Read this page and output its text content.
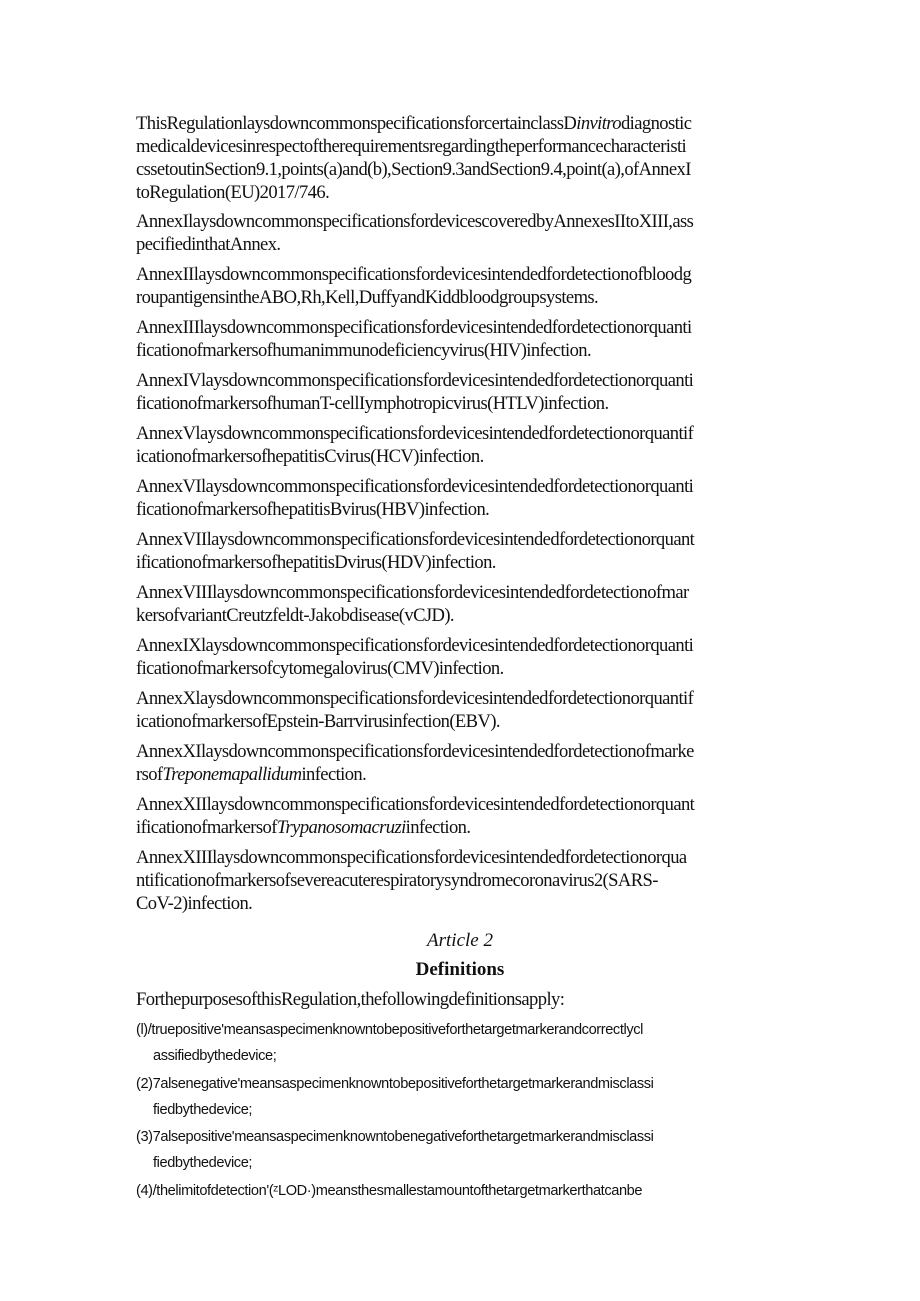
ThisRegulationlaysdowncommonspecificationsforcertainclassDinvitrodiagnostic
medicaldevicesinrespectoftherequirementsregardingtheperformancecharacteristi
cssetoutinSection9.1,points(a)and(b),Section9.3andSection9.4,point(a),ofAnnexI
toRegulation(EU)2017/746.
AnnexIlaysdowncommonspecificationsfordevicescoveredbyAnnexesIItoXIII,ass
pecifiedinthatAnnex.
AnnexIIlaysdowncommonspecificationsfordevicesintendedfordetectionofbloodg
roupantigensintheABO,Rh,Kell,DuffyandKiddbloodgroupsystems.
AnnexIIIlaysdowncommonspecificationsfordevicesintendedfordetectionorquanti
ficationofmarkersofhumanimmunodeficiencyvirus(HIV)infection.
AnnexIVlaysdowncommonspecificationsfordevicesintendedfordetectionorquanti
ficationofmarkersofhumanT-cellIymphotropicvirus(HTLV)infection.
AnnexVlaysdowncommonspecificationsfordevicesintendedfordetectionorquantif
icationofmarkersofhepatitisCvirus(HCV)infection.
AnnexVIlaysdowncommonspecificationsfordevicesintendedfordetectionorquanti
ficationofmarkersofhepatitisBvirus(HBV)infection.
AnnexVIIlaysdowncommonspecificationsfordevicesintendedfordetectionorquant
ificationofmarkersofhepatitisDvirus(HDV)infection.
AnnexVIIIlaysdowncommonspecificationsfordevicesintendedfordetectionofmar
kersofvariantCreutzfeldt-Jakobdisease(vCJD).
AnnexIXlaysdowncommonspecificationsfordevicesintendedfordetectionorquanti
ficationofmarkersofcytomegalovirus(CMV)infection.
AnnexXlaysdowncommonspecificationsfordevicesintendedfordetectionorquantif
icationofmarkersofEpstein-Barrvirusinfection(EBV).
AnnexXIlaysdowncommonspecificationsfordevicesintendedfordetectionofmarke
rsofTreponemapalliduminfection.
AnnexXIIlaysdowncommonspecificationsfordevicesintendedfordetectionorquant
ificationofmarkersofTrypanosomacruziinfection.
AnnexXIIIlaysdowncommonspecificationsfordevicesintendedfordetectionorqua
ntificationofmarkersofsevereacuterespiratorysyndromecoronavirus2(SARS-
CoV-2)infection.
Article 2
Definitions
ForthepurposesofthisRegulation,thefollowingdefinitionsapply:
(l)/truepositive'meansaspecimenknowntobepositiveforthetargetmarkerandcorrectlycl
assifiedbythedevice;
(2)7alsenegative'meansaspecimenknowntobepositiveforthetargetmarkerandmisclassi
fiedbythedevice;
(3)7alsepositive'meansaspecimenknowntobenegativeforthetargetmarkerandmisclassi
fiedbythedevice;
(4)/thelimitofdetection'(ᶻLOD·)meansthesmallestamountofthetargetmarkerthatcanbe
